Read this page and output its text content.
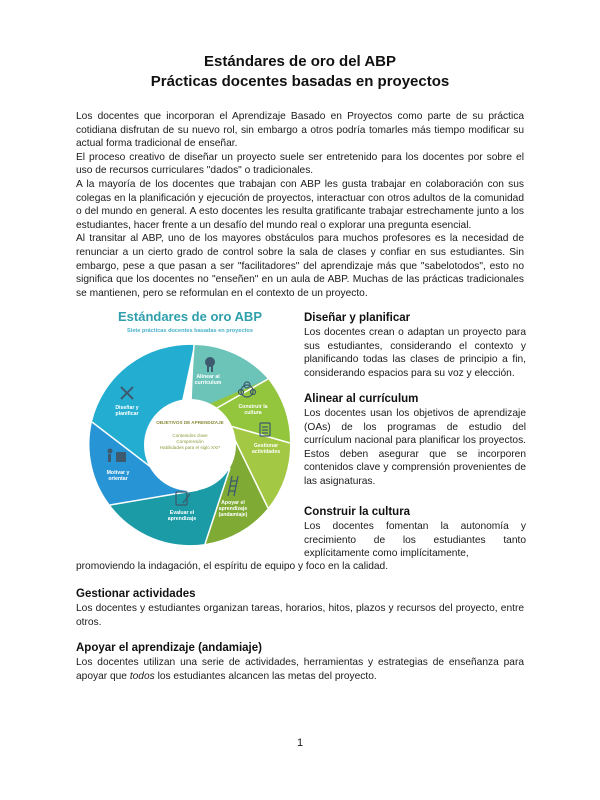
Estándares de oro del ABP
Prácticas docentes basadas en proyectos

Los docentes que incorporan el Aprendizaje Basado en Proyectos como parte de su práctica cotidiana disfrutan de su nuevo rol, sin embargo a otros podría tomarles más tiempo modificar su actual forma tradicional de enseñar.

El proceso creativo de diseñar un proyecto suele ser entretenido para los docentes por sobre el uso de recursos curriculares "dados" o tradicionales.

A la mayoría de los docentes que trabajan con ABP les gusta trabajar en colaboración con sus colegas en la planificación y ejecución de proyectos, interactuar con otros adultos de la comunidad o del mundo en general. A esto docentes les resulta gratificante trabajar estrechamente junto a los estudiantes, hacer frente a un desafío del mundo real o explorar una pregunta esencial.

Al transitar al ABP, uno de los mayores obstáculos para muchos profesores es la necesidad de renunciar a un cierto grado de control sobre la sala de clases y confiar en sus estudiantes. Sin embargo, pese a que pasan a ser "facilitadores" del aprendizaje más que "sabelotodos", esto no significa que los docentes no "enseñen" en un aula de ABP. Muchas de las prácticas tradicionales se mantienen, pero se reformulan en el contexto de un proyecto.

Estándares de oro ABP
Siete prácticas docentes basadas en proyectos
Alinear al currículum
Construir la cultura
Gestionar actividades
Apoyar el aprendizaje (andamiaje)
Evaluar el aprendizaje
Motivar y orientar
Diseñar y planificar
OBJETIVOS DE APRENDIZAJE
Contenidos clave
Comprensión
Habilidades para el siglo XXI*
Diseñar y planificar

Los docentes crean o adaptan un proyecto para sus estudiantes, considerando el contexto y planificando todas las clases de principio a fin, considerando espacios para su voz y elección.

Alinear al currículum

Los docentes usan los objetivos de aprendizaje (OAs) de los programas de estudio del currículum nacional para planificar los proyectos. Estos deben asegurar que se incorporen contenidos clave y comprensión provenientes de las asignaturas.

Construir la cultura

Los docentes fomentan la autonomía y crecimiento de los estudiantes tanto explícitamente como implícitamente,

promoviendo la indagación, el espíritu de equipo y foco en la calidad.
Gestionar actividades

Los docentes y estudiantes organizan tareas, horarios, hitos, plazos y recursos del proyecto, entre otros.

Apoyar el aprendizaje (andamiaje)

Los docentes utilizan una serie de actividades, herramientas y estrategias de enseñanza para apoyar que todos los estudiantes alcancen las metas del proyecto.

1
